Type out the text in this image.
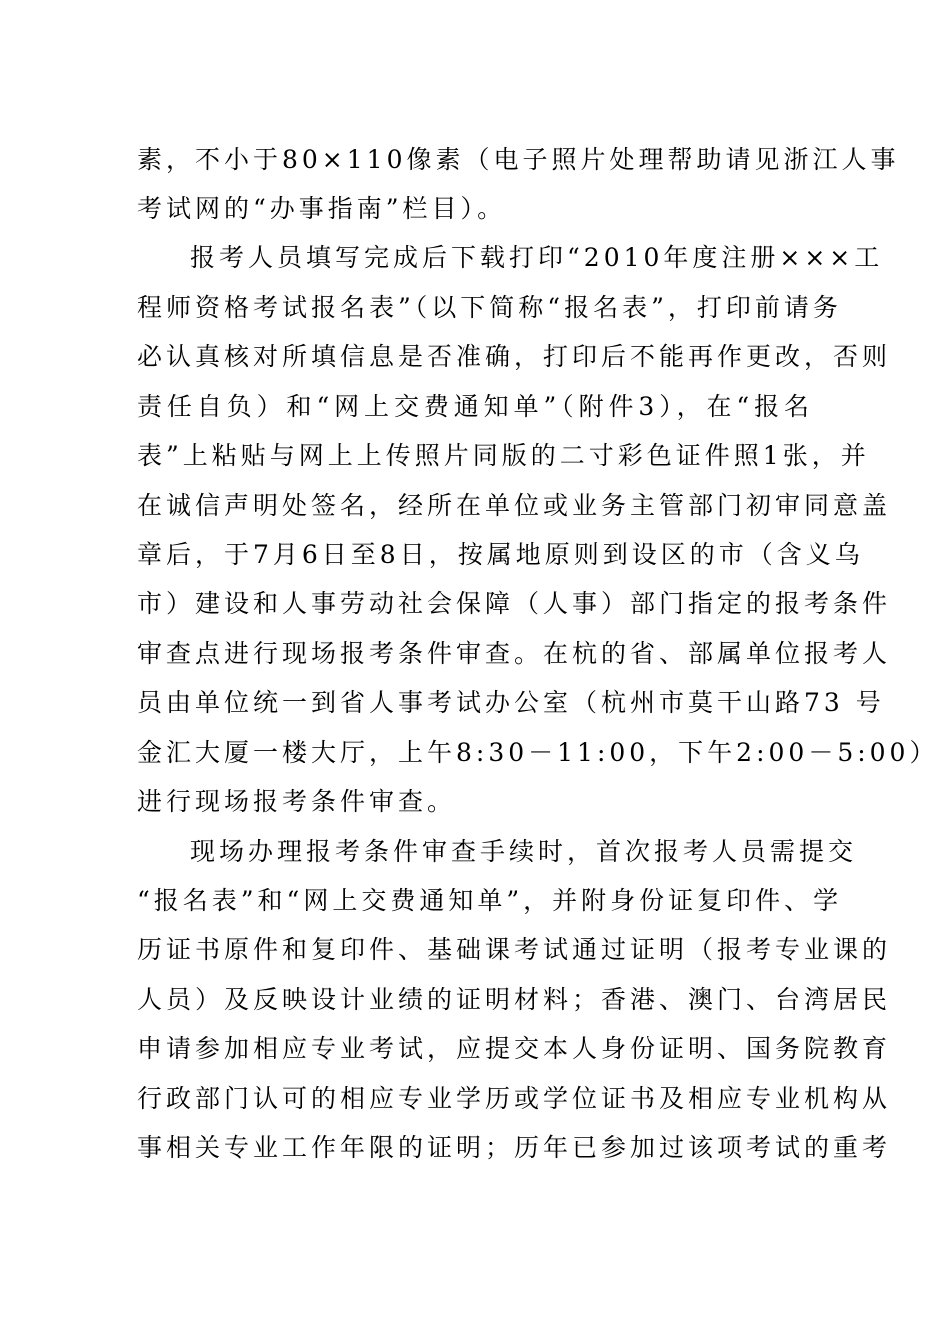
素，不小于80×110像素（电子照片处理帮助请见浙江人事
考试网的“办事指南”栏目）。
报考人员填写完成后下载打印“2010年度注册×××工
程师资格考试报名表”（以下简称“报名表”，打印前请务
必认真核对所填信息是否准确，打印后不能再作更改，否则
责任自负）和“网上交费通知单”（附件3），在“报名
表”上粘贴与网上上传照片同版的二寸彩色证件照1张，并
在诚信声明处签名，经所在单位或业务主管部门初审同意盖
章后，于7月6日至8日，按属地原则到设区的市（含义乌
市）建设和人事劳动社会保障（人事）部门指定的报考条件
审查点进行现场报考条件审查。在杭的省、部属单位报考人
员由单位统一到省人事考试办公室（杭州市莫干山路73 号
金汇大厦一楼大厅，上午8:30－11:00，下午2:00－5:00）
进行现场报考条件审查。
现场办理报考条件审查手续时，首次报考人员需提交
“报名表”和“网上交费通知单”，并附身份证复印件、学
历证书原件和复印件、基础课考试通过证明（报考专业课的
人员）及反映设计业绩的证明材料；香港、澳门、台湾居民
申请参加相应专业考试，应提交本人身份证明、国务院教育
行政部门认可的相应专业学历或学位证书及相应专业机构从
事相关专业工作年限的证明；历年已参加过该项考试的重考
